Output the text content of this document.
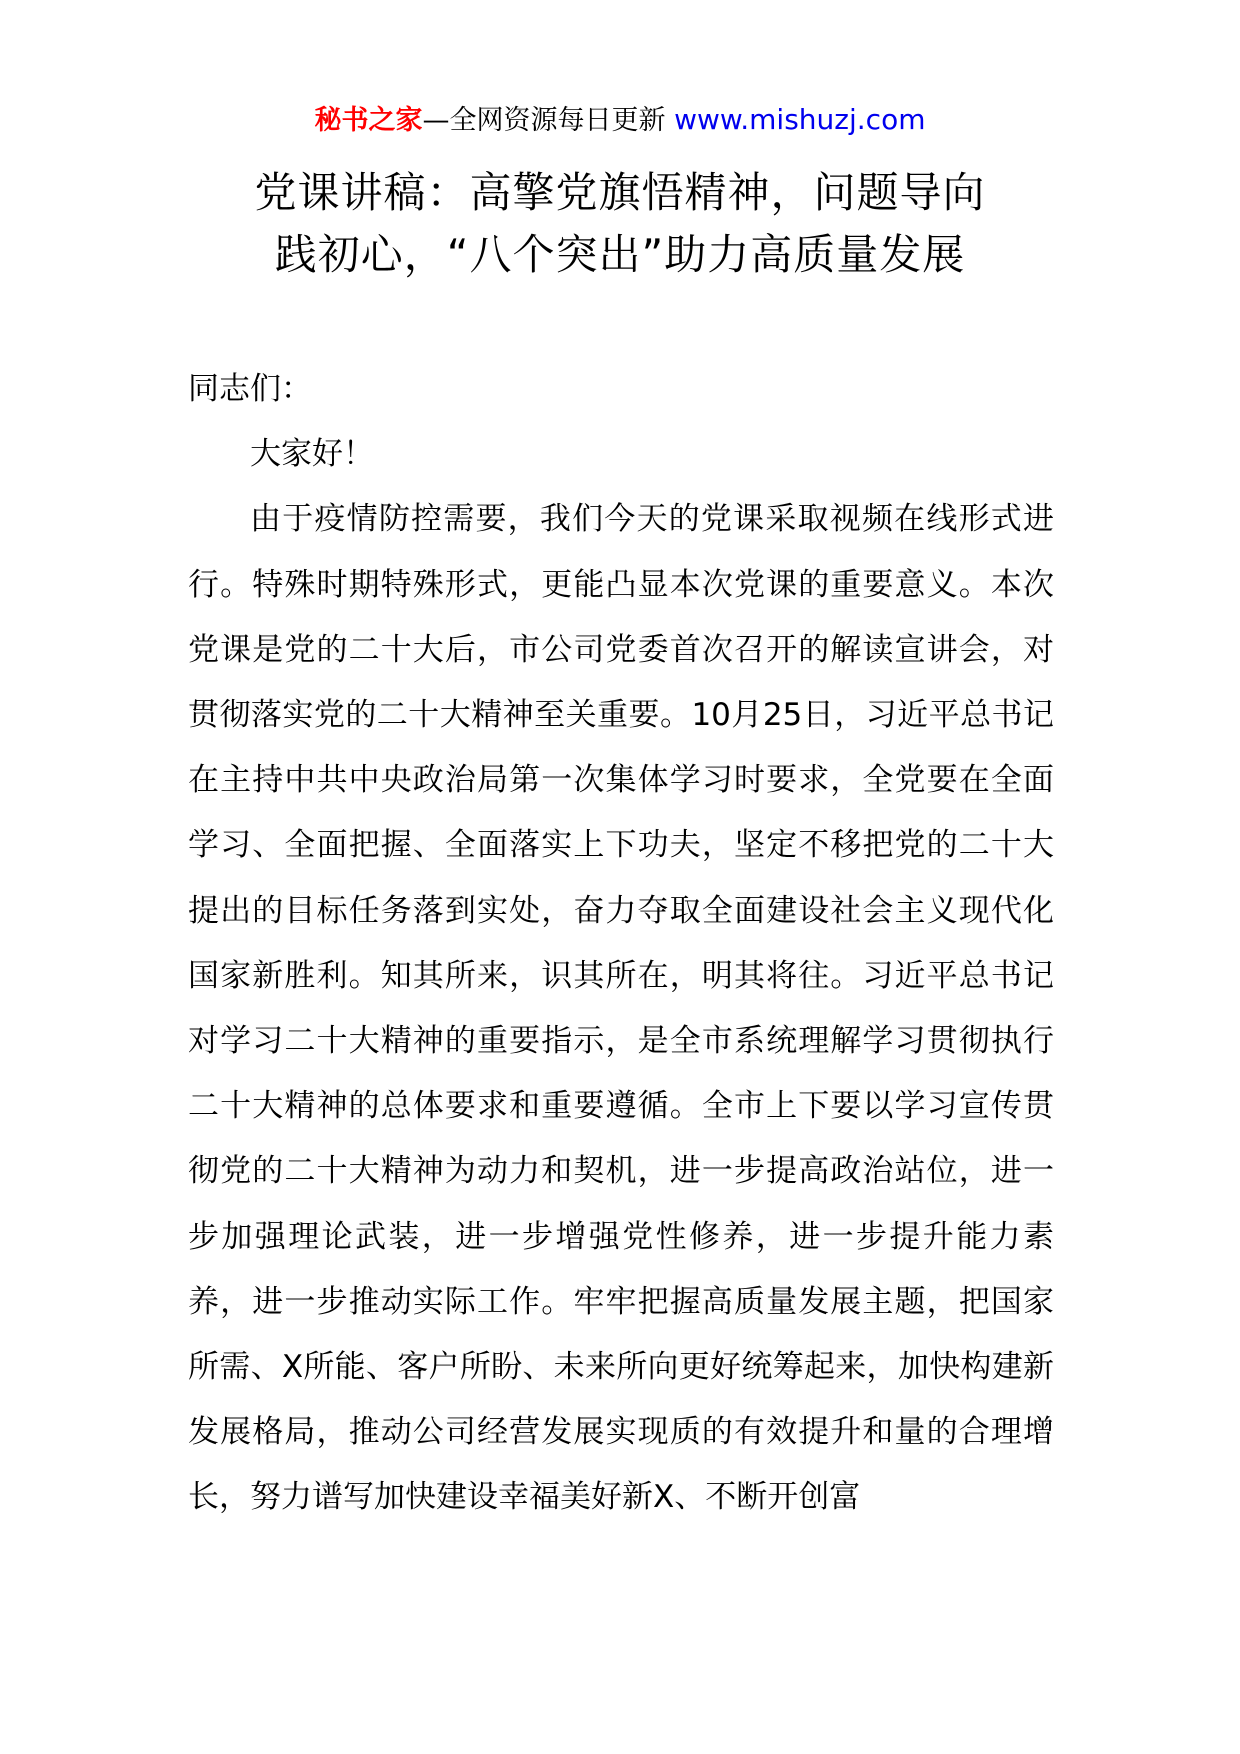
秘书之家—全网资源每日更新 www.mishuzj.com
党课讲稿：高擎党旗悟精神，问题导向
践初心，“八个突出”助力高质量发展

同志们：

大家好！

由于疫情防控需要，我们今天的党课采取视频在线形式进行。特殊时期特殊形式，更能凸显本次党课的重要意义。本次党课是党的二十大后，市公司党委首次召开的解读宣讲会，对贯彻落实党的二十大精神至关重要。10月25日，习近平总书记在主持中共中央政治局第一次集体学习时要求，全党要在全面学习、全面把握、全面落实上下功夫，坚定不移把党的二十大提出的目标任务落到实处，奋力夺取全面建设社会主义现代化国家新胜利。知其所来，识其所在，明其将往。习近平总书记对学习二十大精神的重要指示，是全市系统理解学习贯彻执行二十大精神的总体要求和重要遵循。全市上下要以学习宣传贯彻党的二十大精神为动力和契机，进一步提高政治站位，进一步加强理论武装，进一步增强党性修养，进一步提升能力素养，进一步推动实际工作。牢牢把握高质量发展主题，把国家所需、X所能、客户所盼、未来所向更好统筹起来，加快构建新发展格局，推动公司经营发展实现质的有效提升和量的合理增长，努力谱写加快建设幸福美好新X、不断开创富
